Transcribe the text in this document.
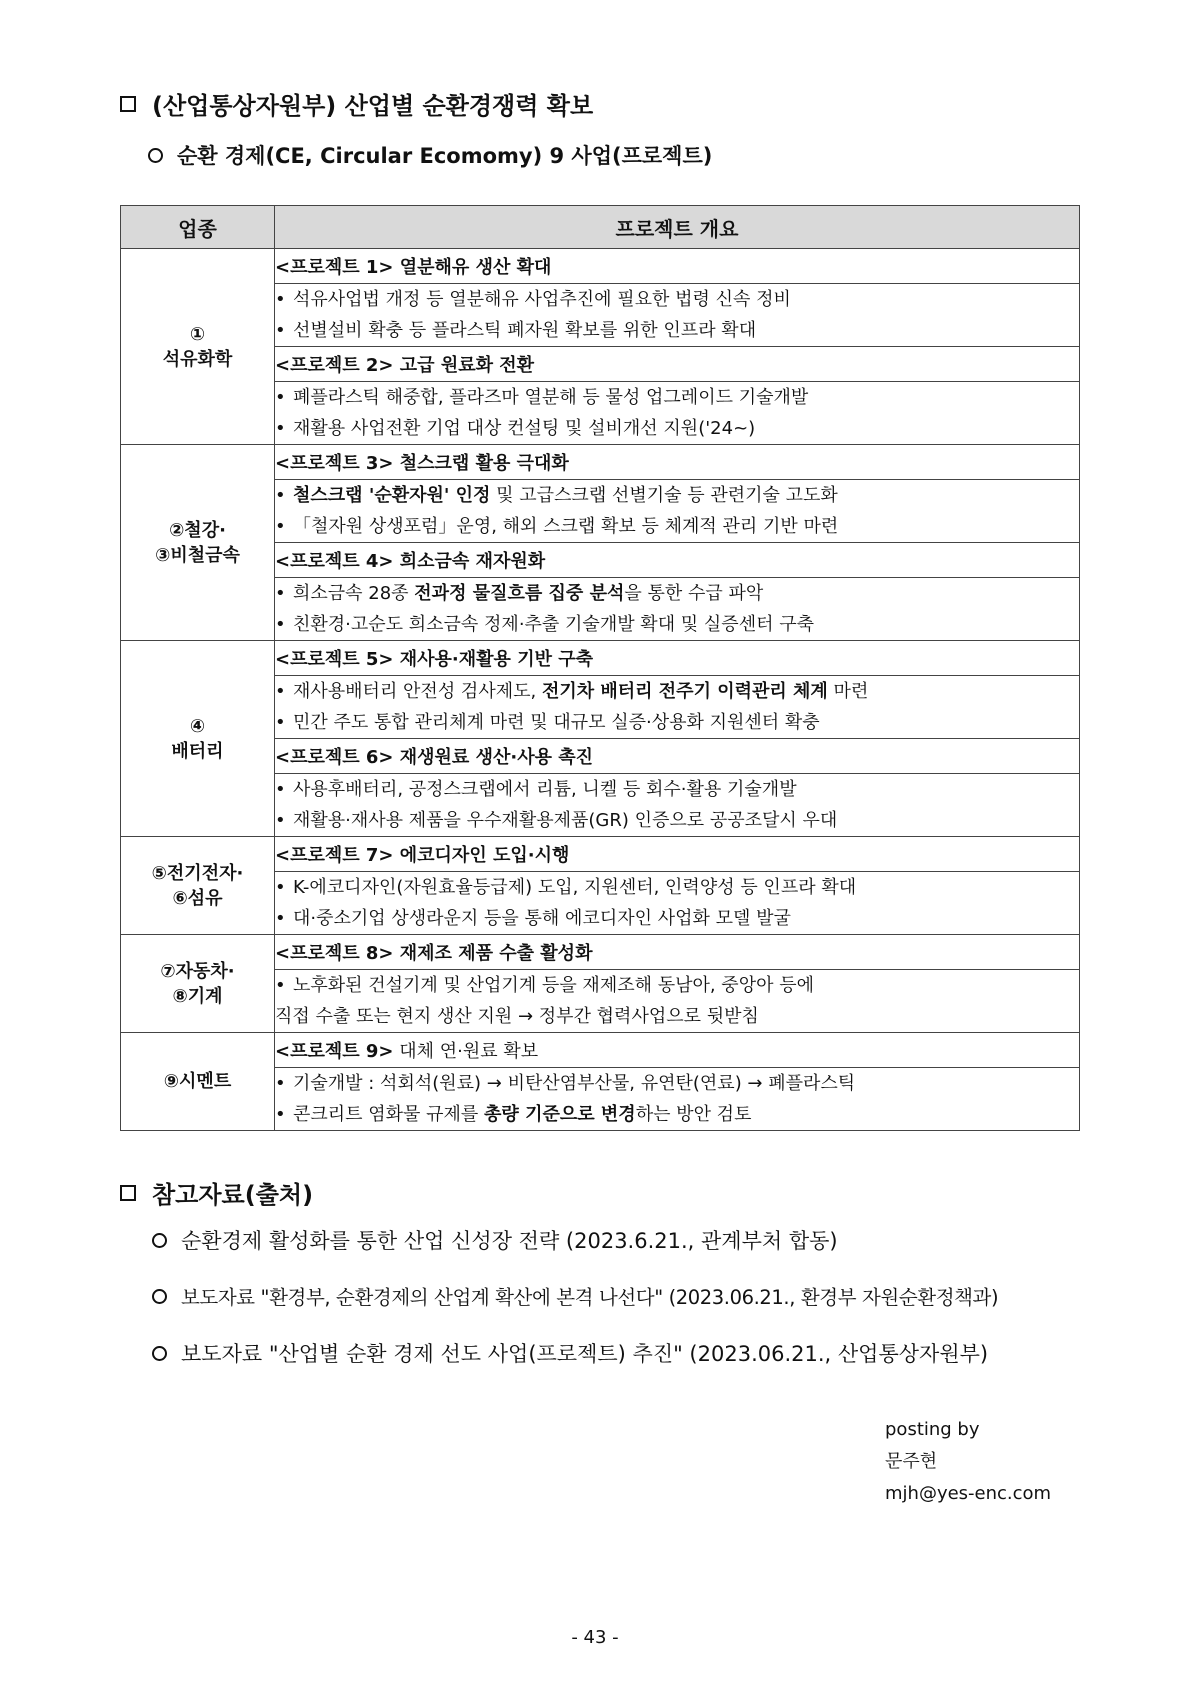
(산업통상자원부) 산업별 순환경쟁력 확보
순환 경제(CE, Circular Ecomomy) 9 사업(프로젝트)
업종	프로젝트 개요

①
석유화학	<프로젝트 1> 열분해유 생산 확대

	• 석유사업법 개정 등 열분해유 사업추진에 필요한 법령 신속 정비
• 선별설비 확충 등 플라스틱 폐자원 확보를 위한 인프라 확대

	<프로젝트 2> 고급 원료화 전환

	• 폐플라스틱 해중합, 플라즈마 열분해 등 물성 업그레이드 기술개발
• 재활용 사업전환 기업 대상 컨설팅 및 설비개선 지원('24~)

②철강·
③비철금속	<프로젝트 3> 철스크랩 활용 극대화

	• 철스크랩 '순환자원' 인정 및 고급스크랩 선별기술 등 관련기술 고도화
• 「철자원 상생포럼」운영, 해외 스크랩 확보 등 체계적 관리 기반 마련

	<프로젝트 4> 희소금속 재자원화

	• 희소금속 28종 전과정 물질흐름 집중 분석을 통한 수급 파악
• 친환경·고순도 희소금속 정제·추출 기술개발 확대 및 실증센터 구축

④
배터리	<프로젝트 5> 재사용·재활용 기반 구축

	• 재사용배터리 안전성 검사제도, 전기차 배터리 전주기 이력관리 체계 마련
• 민간 주도 통합 관리체계 마련 및 대규모 실증·상용화 지원센터 확충

	<프로젝트 6> 재생원료 생산·사용 촉진

	• 사용후배터리, 공정스크랩에서 리튬, 니켈 등 회수·활용 기술개발
• 재활용·재사용 제품을 우수재활용제품(GR) 인증으로 공공조달시 우대

⑤전기전자·
⑥섬유	<프로젝트 7> 에코디자인 도입·시행

	• K-에코디자인(자원효율등급제) 도입, 지원센터, 인력양성 등 인프라 확대
• 대·중소기업 상생라운지 등을 통해 에코디자인 사업화 모델 발굴

⑦자동차·
⑧기계	<프로젝트 8> 재제조 제품 수출 활성화

	• 노후화된 건설기계 및 산업기계 등을 재제조해 동남아, 중앙아 등에
직접 수출 또는 현지 생산 지원 → 정부간 협력사업으로 뒷받침

⑨시멘트	<프로젝트 9> 대체 연·원료 확보

	• 기술개발 : 석회석(원료) → 비탄산염부산물, 유연탄(연료) → 폐플라스틱
• 콘크리트 염화물 규제를 총량 기준으로 변경하는 방안 검토
참고자료(출처)
순환경제 활성화를 통한 산업 신성장 전략 (2023.6.21., 관계부처 합동)
보도자료 "환경부, 순환경제의 산업계 확산에 본격 나선다" (2023.06.21., 환경부 자원순환정책과)
보도자료 "산업별 순환 경제 선도 사업(프로젝트) 추진" (2023.06.21., 산업통상자원부)
posting by
문주현
mjh@yes-enc.com
- 43 -
